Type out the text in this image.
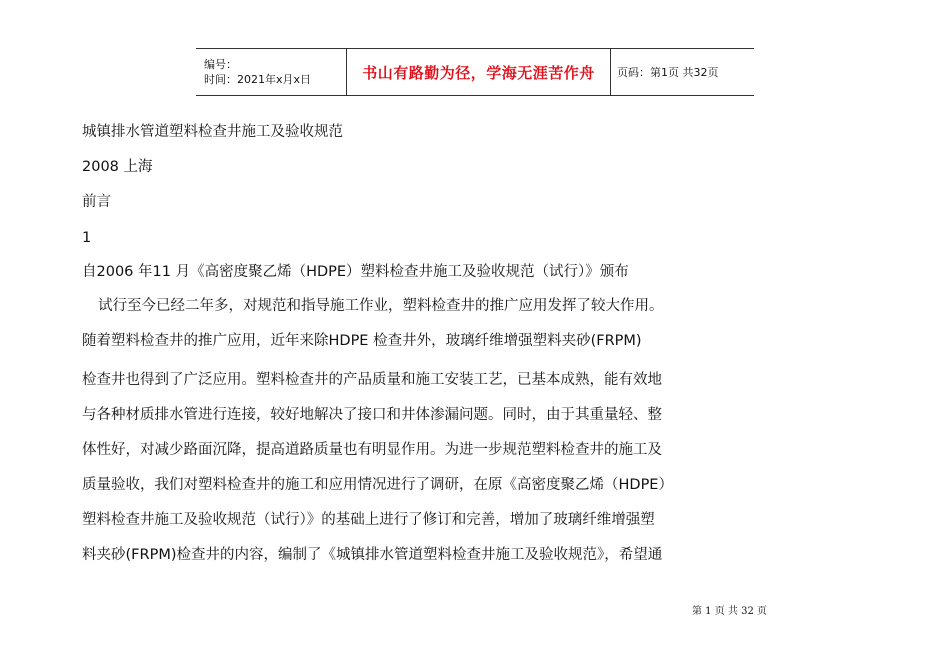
编号：
时间：2021年x月x日	书山有路勤为径，学海无涯苦作舟	页码：第1页 共32页
城镇排水管道塑料检查井施工及验收规范
2008 上海
前言
1
自2006 年11 月《高密度聚乙烯（HDPE）塑料检查井施工及验收规范（试行）》颁布
试行至今已经二年多，对规范和指导施工作业，塑料检查井的推广应用发挥了较大作用。
随着塑料检查井的推广应用，近年来除HDPE 检查井外，玻璃纤维增强塑料夹砂(FRPM)
检查井也得到了广泛应用。塑料检查井的产品质量和施工安装工艺，已基本成熟，能有效地
与各种材质排水管进行连接，较好地解决了接口和井体渗漏问题。同时，由于其重量轻、整
体性好，对减少路面沉降，提高道路质量也有明显作用。为进一步规范塑料检查井的施工及
质量验收，我们对塑料检查井的施工和应用情况进行了调研，在原《高密度聚乙烯（HDPE）
塑料检查井施工及验收规范（试行）》的基础上进行了修订和完善，增加了玻璃纤维增强塑
料夹砂(FRPM)检查井的内容，编制了《城镇排水管道塑料检查井施工及验收规范》，希望通
第 1 页 共 32 页
